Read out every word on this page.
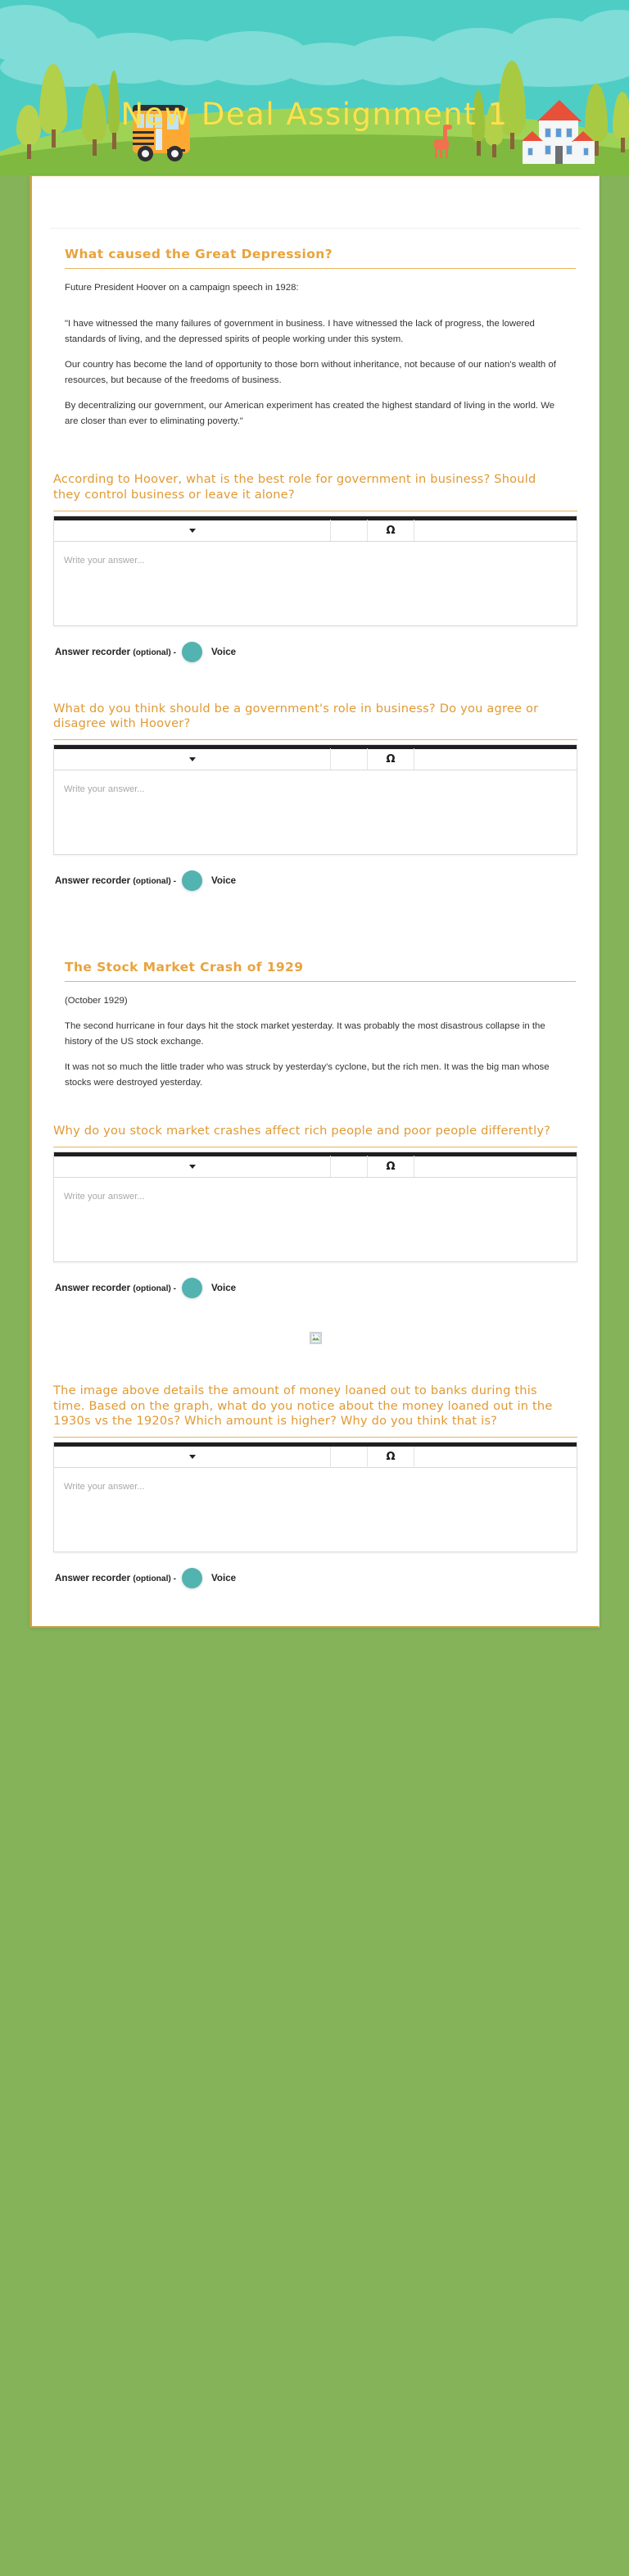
New Deal Assignment 1
What caused the Great Depression?

Future President Hoover on a campaign speech in 1928:

"I have witnessed the many failures of government in business. I have witnessed the lack of progress, the lowered standards of living, and the depressed spirits of people working under this system.

Our country has become the land of opportunity to those born without inheritance, not because of our nation's wealth of resources, but because of the freedoms of business.

By decentralizing our government, our American experiment has created the highest standard of living in the world. We are closer than ever to eliminating poverty."

According to Hoover, what is the best role for government in business? Should they control business or leave it alone?
Ω
Write your answer...
Answer recorder (optional) -	Voice
What do you think should be a government's role in business? Do you agree or disagree with Hoover?
Ω
Write your answer...
Answer recorder (optional) -	Voice
The Stock Market Crash of 1929

(October 1929)

The second hurricane in four days hit the stock market yesterday. It was probably the most disastrous collapse in the history of the US stock exchange.

It was not so much the little trader who was struck by yesterday's cyclone, but the rich men. It was the big man whose stocks were destroyed yesterday.

Why do you stock market crashes affect rich people and poor people differently?
Ω
Write your answer...
Answer recorder (optional) -	Voice
The image above details the amount of money loaned out to banks during this time. Based on the graph, what do you notice about the money loaned out in the 1930s vs the 1920s? Which amount is higher? Why do you think that is?
Ω
Write your answer...
Answer recorder (optional) -	Voice
